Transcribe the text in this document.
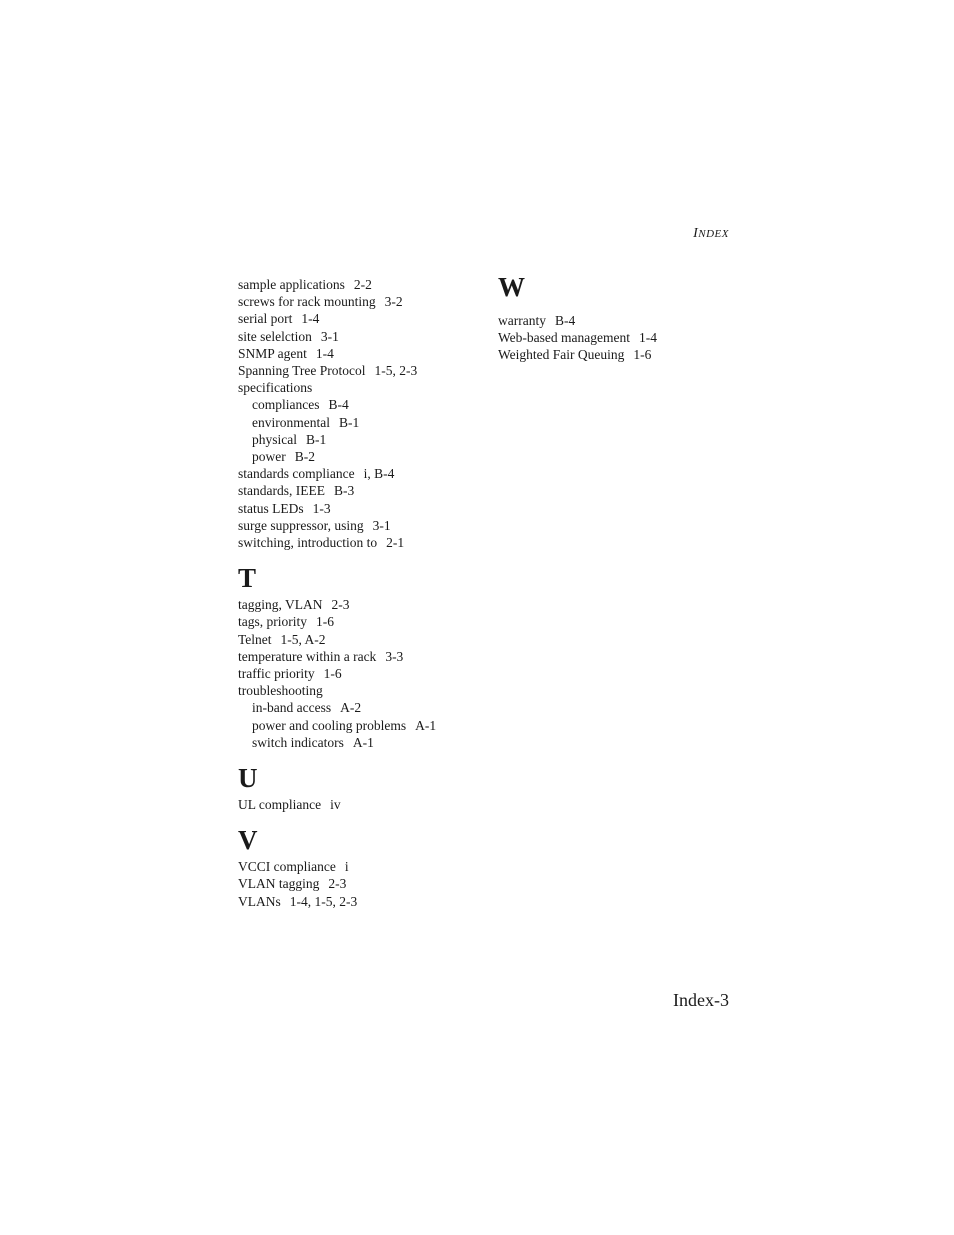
INDEX
sample applications 2-2
screws for rack mounting 3-2
serial port 1-4
site selelction 3-1
SNMP agent 1-4
Spanning Tree Protocol 1-5, 2-3
specifications
compliances B-4
environmental B-1
physical B-1
power B-2
standards compliance i, B-4
standards, IEEE B-3
status LEDs 1-3
surge suppressor, using 3-1
switching, introduction to 2-1
T
tagging, VLAN 2-3
tags, priority 1-6
Telnet 1-5, A-2
temperature within a rack 3-3
traffic priority 1-6
troubleshooting
in-band access A-2
power and cooling problems A-1
switch indicators A-1
U
UL compliance iv
V
VCCI compliance i
VLAN tagging 2-3
VLANs 1-4, 1-5, 2-3
W
warranty B-4
Web-based management 1-4
Weighted Fair Queuing 1-6
Index-3
